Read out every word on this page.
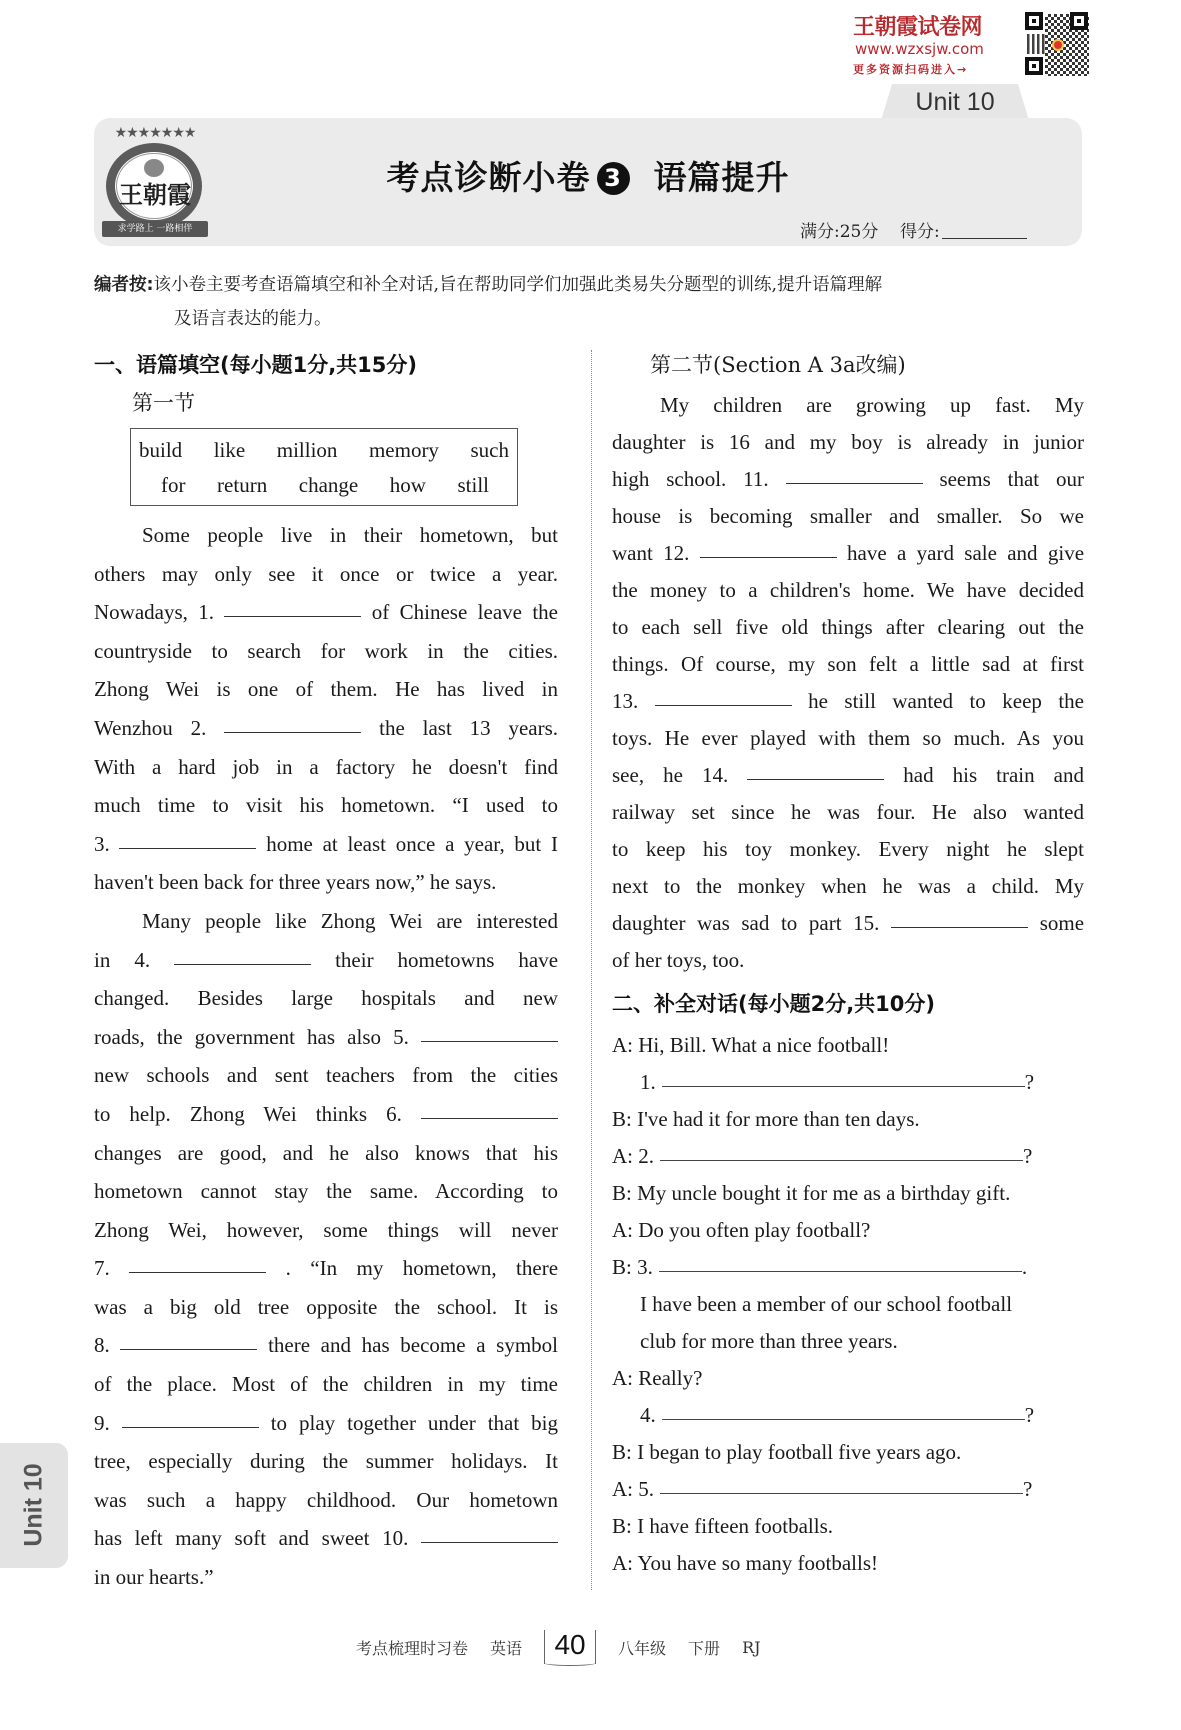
王朝霞试卷网
www.wzxsjw.com
更多资源扫码进入→
Unit 10
★★★★★★★
王朝霞
求学路上 一路相伴
考点诊断小卷 3 语篇提升
满分:25分 得分:
编者按:该小卷主要考查语篇填空和补全对话,旨在帮助同学们加强此类易失分题型的训练,提升语篇理解
及语言表达的能力。
一、语篇填空(每小题1分,共15分)
第一节
build like million memory such
for return change how still

Some people live in their hometown, but

others may only see it once or twice a year.

Nowadays, 1.	of Chinese leave the

countryside to search for work in the cities.

Zhong Wei is one of them. He has lived in

Wenzhou 2.	the last 13 years.

With a hard job in a factory he doesn't find

much time to visit his hometown. “I used to

3.	home at least once a year, but I

haven't been back for three years now,” he says.

Many people like Zhong Wei are interested

in 4.	their hometowns have

changed. Besides large hospitals and new

roads, the government has also 5.

new schools and sent teachers from the cities

to help. Zhong Wei thinks 6.

changes are good, and he also knows that his

hometown cannot stay the same. According to

Zhong Wei, however, some things will never

7.	. “In my hometown, there

was a big old tree opposite the school. It is

8.	there and has become a symbol

of the place. Most of the children in my time

9.	to play together under that big

tree, especially during the summer holidays. It

was such a happy childhood. Our hometown

has left many soft and sweet 10.

in our hearts.”

第二节(Section A 3a改编)

My children are growing up fast. My

daughter is 16 and my boy is already in junior

high school. 11.	seems that our

house is becoming smaller and smaller. So we

want 12.	have a yard sale and give

the money to a children's home. We have decided

to each sell five old things after clearing out the

things. Of course, my son felt a little sad at first

13.	he still wanted to keep the

toys. He ever played with them so much. As you

see, he 14.	had his train and

railway set since he was four. He also wanted

to keep his toy monkey. Every night he slept

next to the monkey when he was a child. My

daughter was sad to part 15.	some

of her toys, too.

二、补全对话(每小题2分,共10分)

A: Hi, Bill. What a nice football!

1.	?

B: I've had it for more than ten days.

A: 2.	?

B: My uncle bought it for me as a birthday gift.

A: Do you often play football?

B: 3.	.

I have been a member of our school football

club for more than three years.

A: Really?

4.	?

B: I began to play football five years ago.

A: 5.	?

B: I have fifteen footballs.

A: You have so many footballs!

Unit 10
考点梳理时习卷 英语	40	八年级 下册 RJ
